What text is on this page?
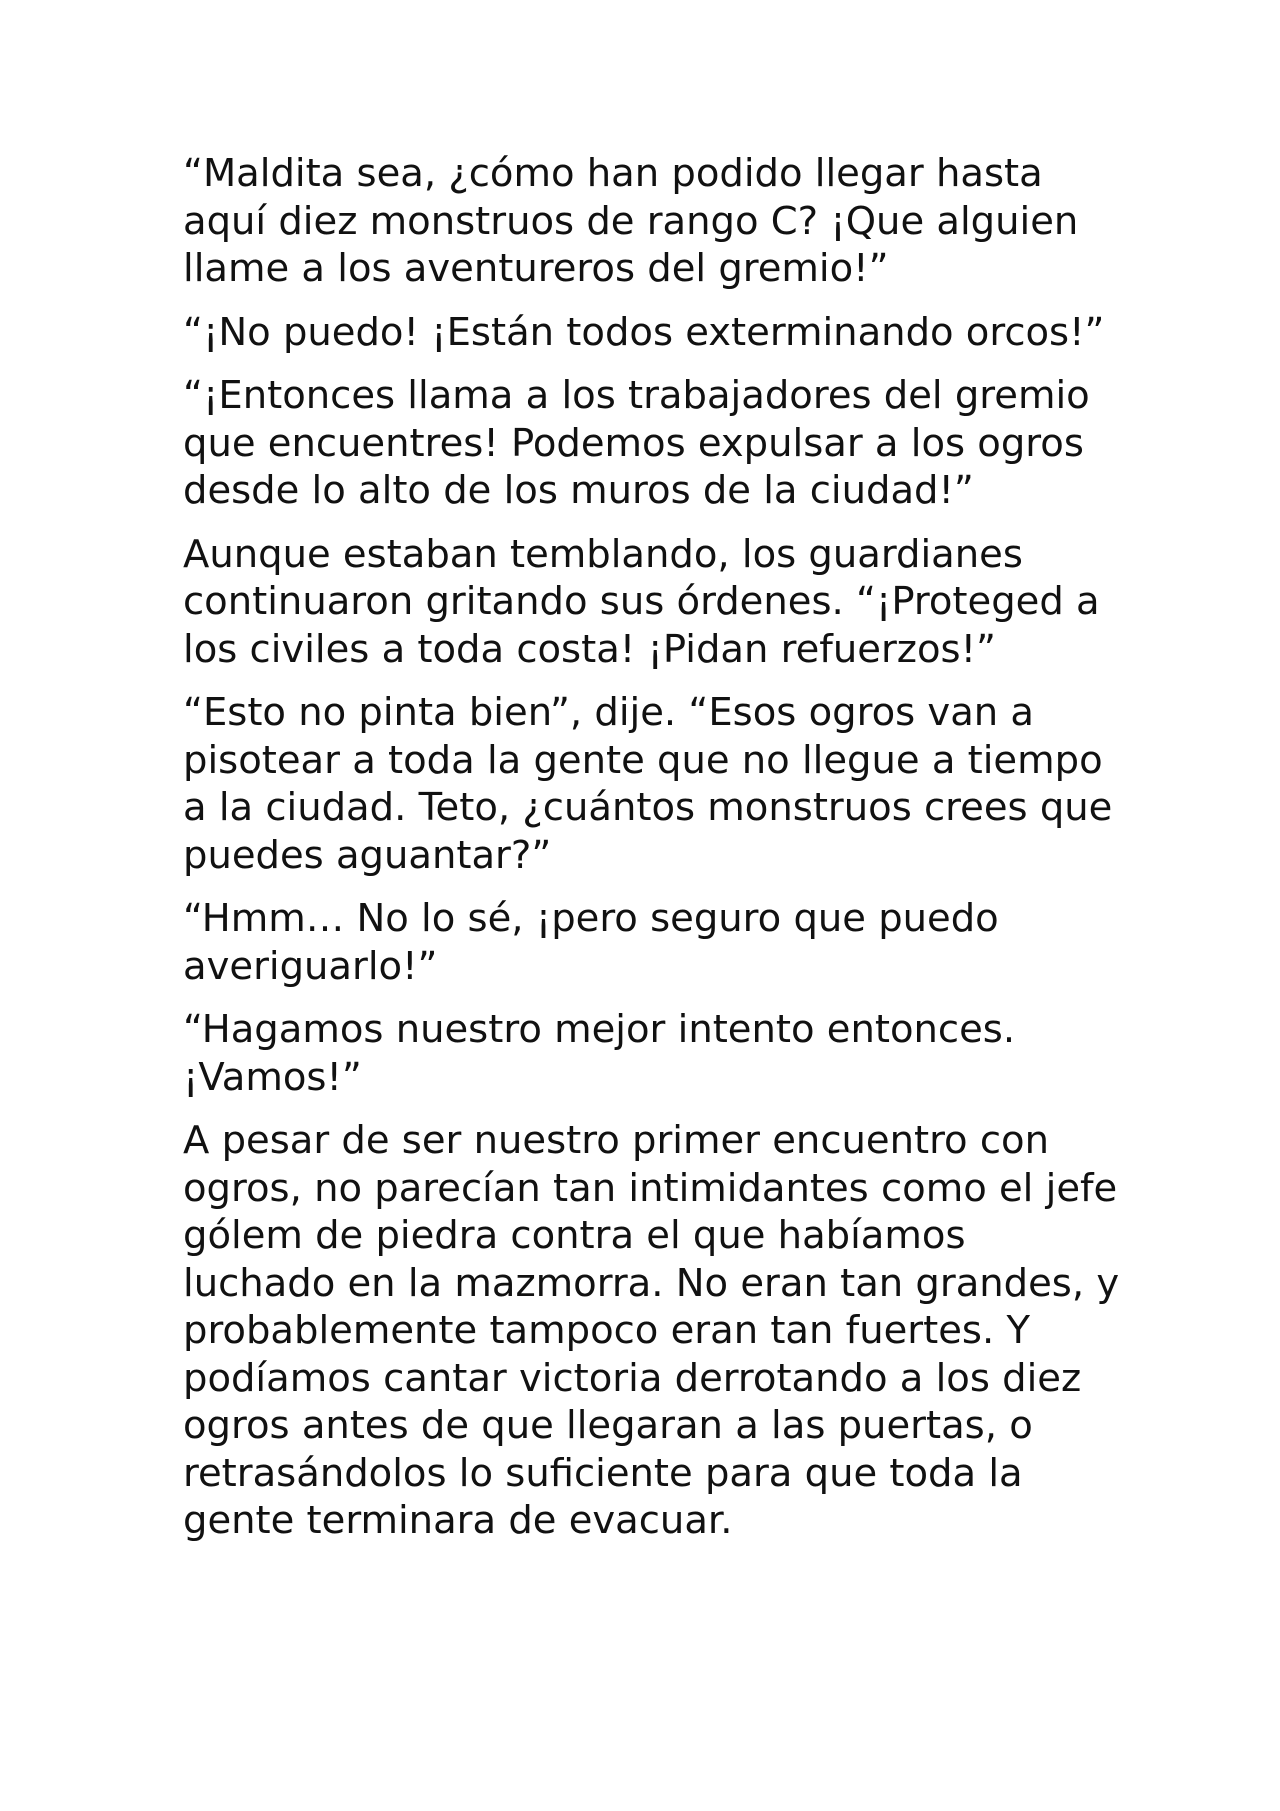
“Maldita sea, ¿cómo han podido llegar hasta aquí diez monstruos de rango C? ¡Que alguien llame a los aventureros del gremio!”

“¡No puedo! ¡Están todos exterminando orcos!”

“¡Entonces llama a los trabajadores del gremio que encuentres! Podemos expulsar a los ogros desde lo alto de los muros de la ciudad!”

Aunque estaban temblando, los guardianes continuaron gritando sus órdenes. “¡Proteged a los civiles a toda costa! ¡Pidan refuerzos!”

“Esto no pinta bien”, dije. “Esos ogros van a pisotear a toda la gente que no llegue a tiempo a la ciudad. Teto, ¿cuántos monstruos crees que puedes aguantar?”

“Hmm… No lo sé, ¡pero seguro que puedo averiguarlo!”

“Hagamos nuestro mejor intento entonces. ¡Vamos!”

A pesar de ser nuestro primer encuentro con ogros, no parecían tan intimidantes como el jefe gólem de piedra contra el que habíamos luchado en la mazmorra. No eran tan grandes, y probablemente tampoco eran tan fuertes. Y podíamos cantar victoria derrotando a los diez ogros antes de que llegaran a las puertas, o retrasándolos lo suficiente para que toda la gente terminara de evacuar.
